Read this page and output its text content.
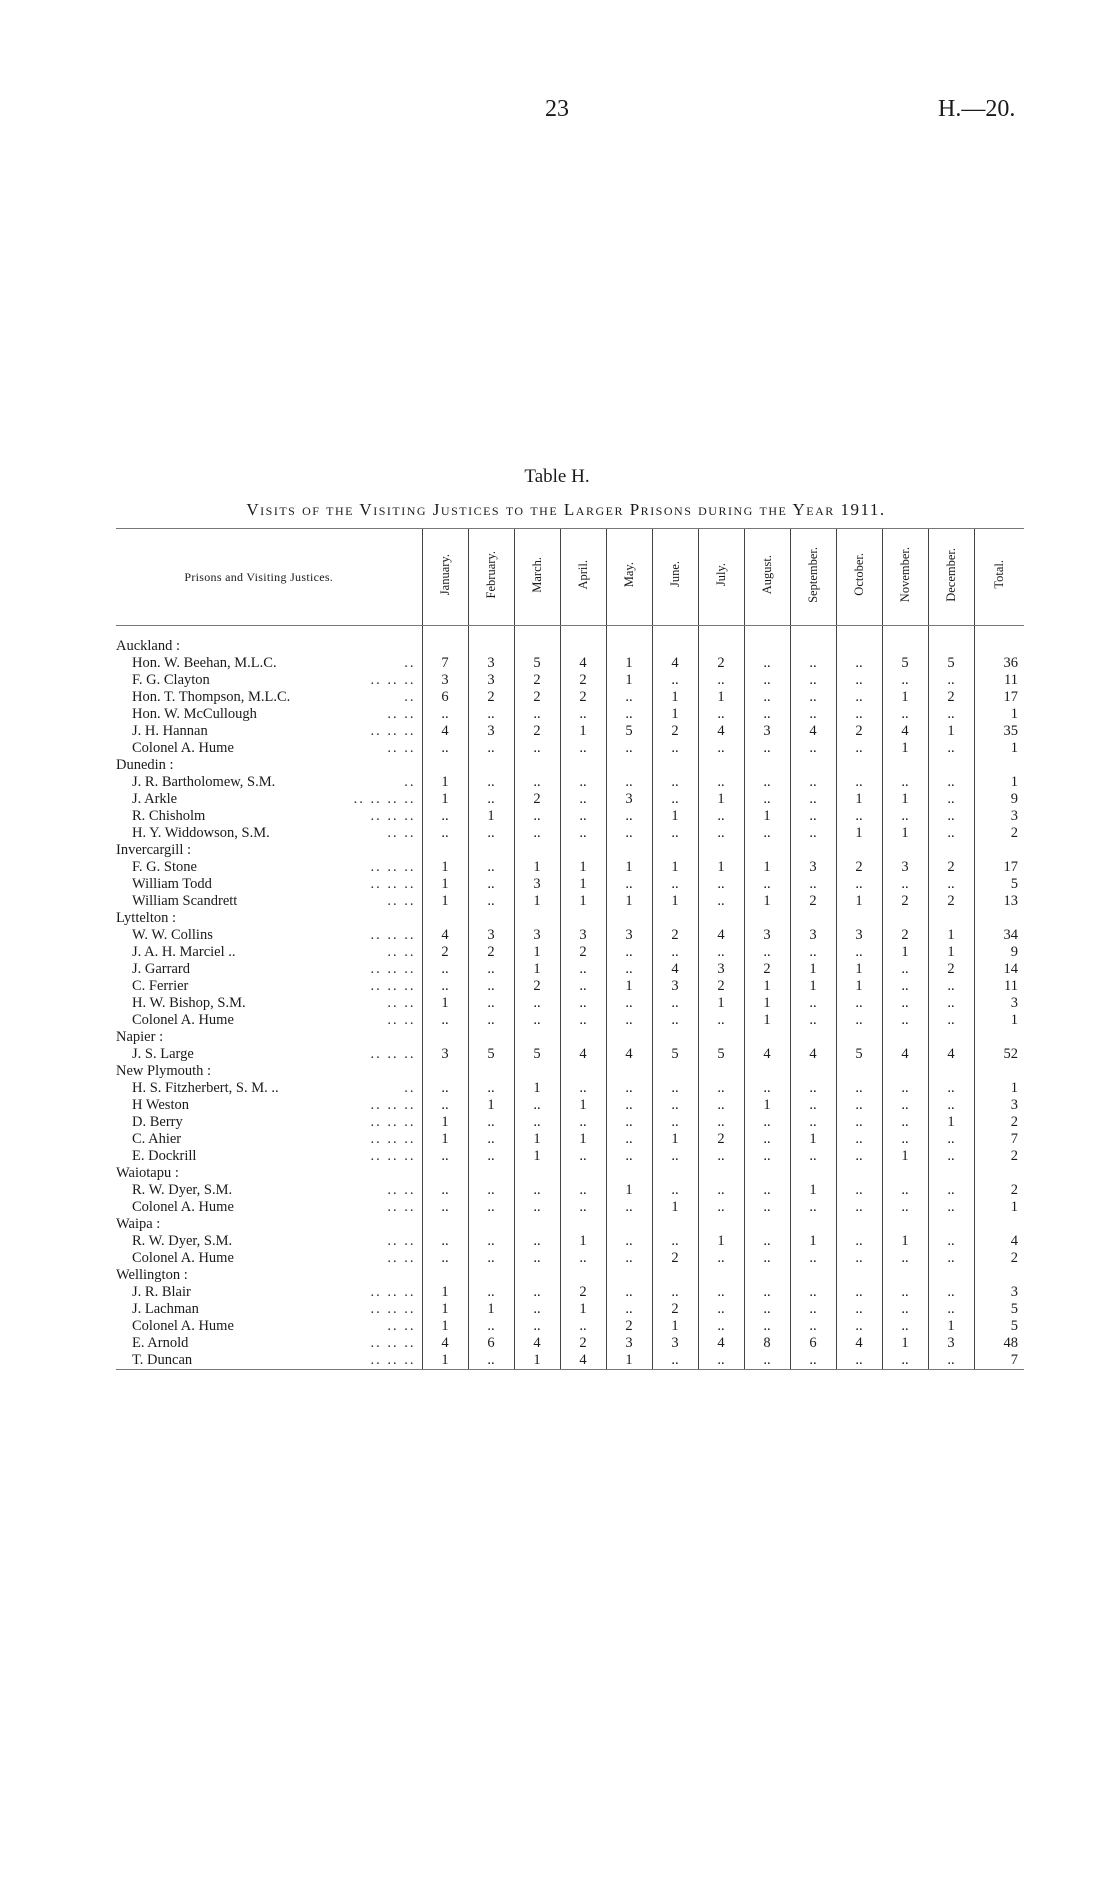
23	H.—20.
Table H.
Visits of the Visiting Justices to the Larger Prisons during the Year 1911.
Prisons and Visiting Justices.	January.	February.	March.	April.	May.	June.	July.	August.	September.	October.	November.	December.	Total.

Auckland :													

..
Hon. W. Beehan, M.L.C.	7	3	5	4	1	4	2	..	..	..	5	5	36

.. .. ..
F. G. Clayton	3	3	2	2	1	..	..	..	..	..	..	..	11

..
Hon. T. Thompson, M.L.C.	6	2	2	2	..	1	1	..	..	..	1	2	17

.. ..
Hon. W. McCullough	..	..	..	..	..	1	..	..	..	..	..	..	1

.. .. ..
J. H. Hannan	4	3	2	1	5	2	4	3	4	2	4	1	35

.. ..
Colonel A. Hume	..	..	..	..	..	..	..	..	..	..	1	..	1
Dunedin :													

..
J. R. Bartholomew, S.M.	1	..	..	..	..	..	..	..	..	..	..	..	1

.. .. .. ..
J. Arkle	1	..	2	..	3	..	1	..	..	1	1	..	9

.. .. ..
R. Chisholm	..	1	..	..	..	1	..	1	..	..	..	..	3

.. ..
H. Y. Widdowson, S.M.	..	..	..	..	..	..	..	..	..	1	1	..	2
Invercargill :													

.. .. ..
F. G. Stone	1	..	1	1	1	1	1	1	3	2	3	2	17

.. .. ..
William Todd	1	..	3	1	..	..	..	..	..	..	..	..	5

.. ..
William Scandrett	1	..	1	1	1	1	..	1	2	1	2	2	13
Lyttelton :													

.. .. ..
W. W. Collins	4	3	3	3	3	2	4	3	3	3	2	1	34

.. ..
J. A. H. Marciel ..	2	2	1	2	..	..	..	..	..	..	1	1	9

.. .. ..
J. Garrard	..	..	1	..	..	4	3	2	1	1	..	2	14

.. .. ..
C. Ferrier	..	..	2	..	1	3	2	1	1	1	..	..	11

.. ..
H. W. Bishop, S.M.	1	..	..	..	..	..	1	1	..	..	..	..	3

.. ..
Colonel A. Hume	..	..	..	..	..	..	..	1	..	..	..	..	1
Napier :													

.. .. ..
J. S. Large	3	5	5	4	4	5	5	4	4	5	4	4	52
New Plymouth :													

..
H. S. Fitzherbert, S. M. ..	..	..	1	..	..	..	..	..	..	..	..	..	1

.. .. ..
H Weston	..	1	..	1	..	..	..	1	..	..	..	..	3

.. .. ..
D. Berry	1	..	..	..	..	..	..	..	..	..	..	1	2

.. .. ..
C. Ahier	1	..	1	1	..	1	2	..	1	..	..	..	7

.. .. ..
E. Dockrill	..	..	1	..	..	..	..	..	..	..	1	..	2
Waiotapu :													

.. ..
R. W. Dyer, S.M.	..	..	..	..	1	..	..	..	1	..	..	..	2

.. ..
Colonel A. Hume	..	..	..	..	..	1	..	..	..	..	..	..	1
Waipa :													

.. ..
R. W. Dyer, S.M.	..	..	..	1	..	..	1	..	1	..	1	..	4

.. ..
Colonel A. Hume	..	..	..	..	..	2	..	..	..	..	..	..	2
Wellington :													

.. .. ..
J. R. Blair	1	..	..	2	..	..	..	..	..	..	..	..	3

.. .. ..
J. Lachman	1	1	..	1	..	2	..	..	..	..	..	..	5

.. ..
Colonel A. Hume	1	..	..	..	2	1	..	..	..	..	..	1	5

.. .. ..
E. Arnold	4	6	4	2	3	3	4	8	6	4	1	3	48

.. .. ..
T. Duncan	1	..	1	4	1	..	..	..	..	..	..	..	7
